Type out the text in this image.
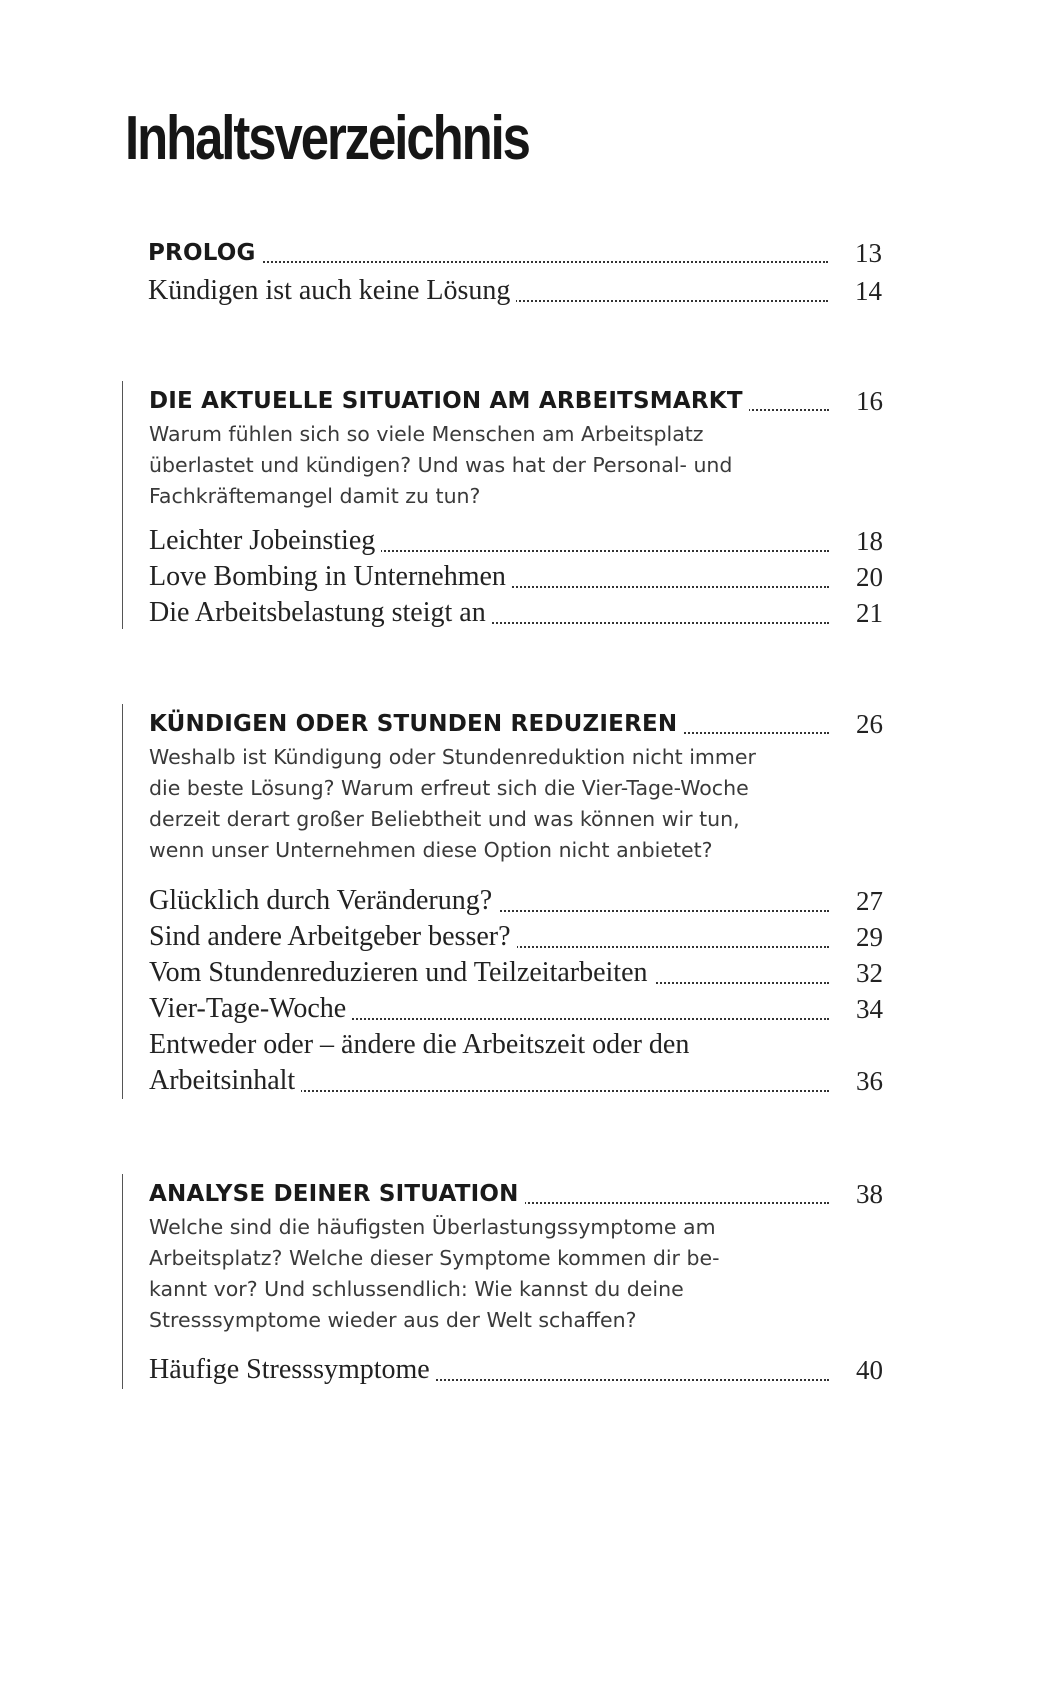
Inhaltsverzeichnis
PROLOG	13
Kündigen ist auch keine Lösung	14
DIE AKTUELLE SITUATION AM ARBEITSMARKT	16
Warum fühlen sich so viele Menschen am Arbeitsplatz
überlastet und kündigen? Und was hat der Personal- und
Fachkräftemangel damit zu tun?
Leichter Jobeinstieg	18
Love Bombing in Unternehmen	20
Die Arbeitsbelastung steigt an	21
KÜNDIGEN ODER STUNDEN REDUZIEREN	26
Weshalb ist Kündigung oder Stundenreduktion nicht immer
die beste Lösung? Warum erfreut sich die Vier-Tage-Woche
derzeit derart großer Beliebtheit und was können wir tun,
wenn unser Unternehmen diese Option nicht anbietet?
Glücklich durch Veränderung?	27
Sind andere Arbeitgeber besser?	29
Vom Stundenreduzieren und Teilzeitarbeiten	32
Vier-Tage-Woche	34
Entweder oder – ändere die Arbeitszeit oder den
Arbeitsinhalt	36
ANALYSE DEINER SITUATION	38
Welche sind die häufigsten Überlastungssymptome am
Arbeitsplatz? Welche dieser Symptome kommen dir be-
kannt vor? Und schlussendlich: Wie kannst du deine
Stresssymptome wieder aus der Welt schaffen?
Häufige Stresssymptome	40
